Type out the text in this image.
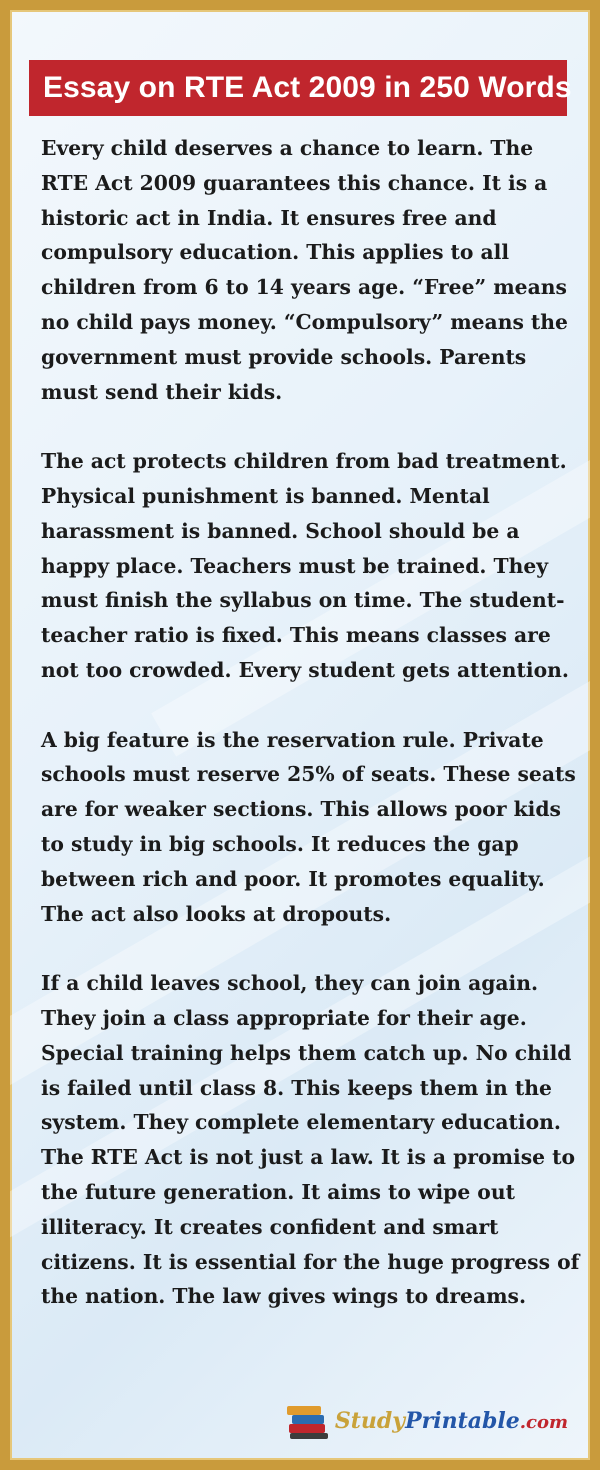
Essay on RTE Act 2009 in 250 Words

Every child deserves a chance to learn. The RTE Act 2009 guarantees this chance. It is a historic act in India. It ensures free and compulsory education. This applies to all children from 6 to 14 years age. “Free” means no child pays money. “Compulsory” means the government must provide schools. Parents must send their kids.

The act protects children from bad treatment. Physical punishment is banned. Mental harassment is banned. School should be a happy place. Teachers must be trained. They must finish the syllabus on time. The student-teacher ratio is fixed. This means classes are not too crowded. Every student gets attention.

A big feature is the reservation rule. Private schools must reserve 25% of seats. These seats are for weaker sections. This allows poor kids to study in big schools. It reduces the gap between rich and poor. It promotes equality. The act also looks at dropouts.

If a child leaves school, they can join again. They join a class appropriate for their age. Special training helps them catch up. No child is failed until class 8. This keeps them in the system. They complete elementary education. The RTE Act is not just a law. It is a promise to the future generation. It aims to wipe out illiteracy. It creates confident and smart citizens. It is essential for the huge progress of the nation. The law gives wings to dreams.

StudyPrintable.com
